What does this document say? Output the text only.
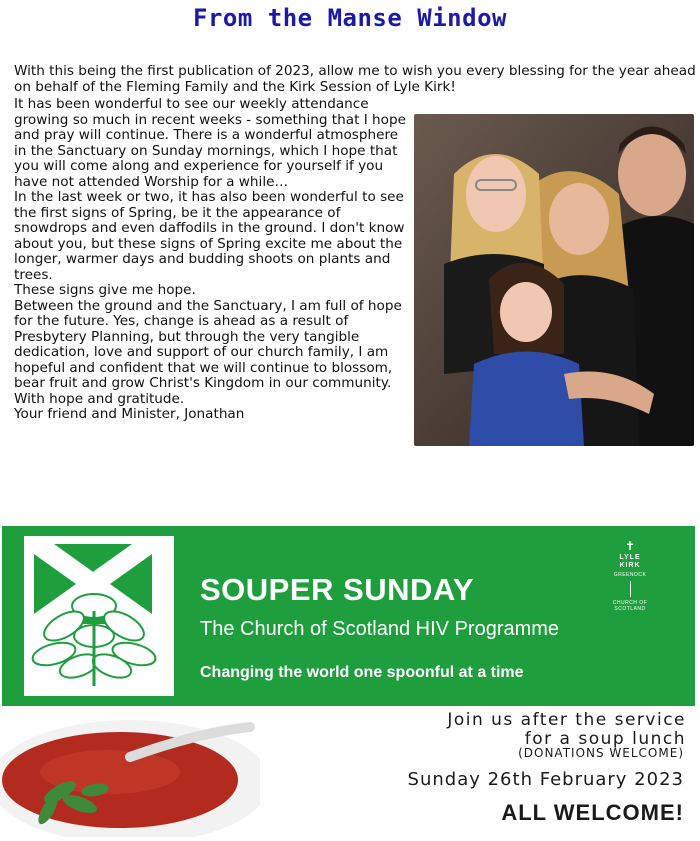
From the Manse Window

With this being the first publication of 2023, allow me to wish you every blessing for the year ahead on behalf of the Fleming Family and the Kirk Session of Lyle Kirk!

It has been wonderful to see our weekly attendance growing so much in recent weeks - something that I hope and pray will continue. There is a wonderful atmosphere in the Sanctuary on Sunday mornings, which I hope that you will come along and experience for yourself if you have not attended Worship for a while…

In the last week or two, it has also been wonderful to see the first signs of Spring, be it the appearance of snowdrops and even daffodils in the ground. I don't know about you, but these signs of Spring excite me about the longer, warmer days and budding shoots on plants and trees.

These signs give me hope.

Between the ground and the Sanctuary, I am full of hope for the future. Yes, change is ahead as a result of Presbytery Planning, but through the very tangible dedication, love and support of our church family, I am hopeful and confident that we will continue to blossom, bear fruit and grow Christ's Kingdom in our community.

With hope and gratitude.

Your friend and Minister, Jonathan

SOUPER SUNDAY
The Church of Scotland HIV Programme
Changing the world one spoonful at a time
✝
LYLE KIRK
GREENOCK
CHURCH OF SCOTLAND
Join us after the service
for a soup lunch
(DONATIONS WELCOME)
Sunday 26th February 2023
ALL WELCOME!
